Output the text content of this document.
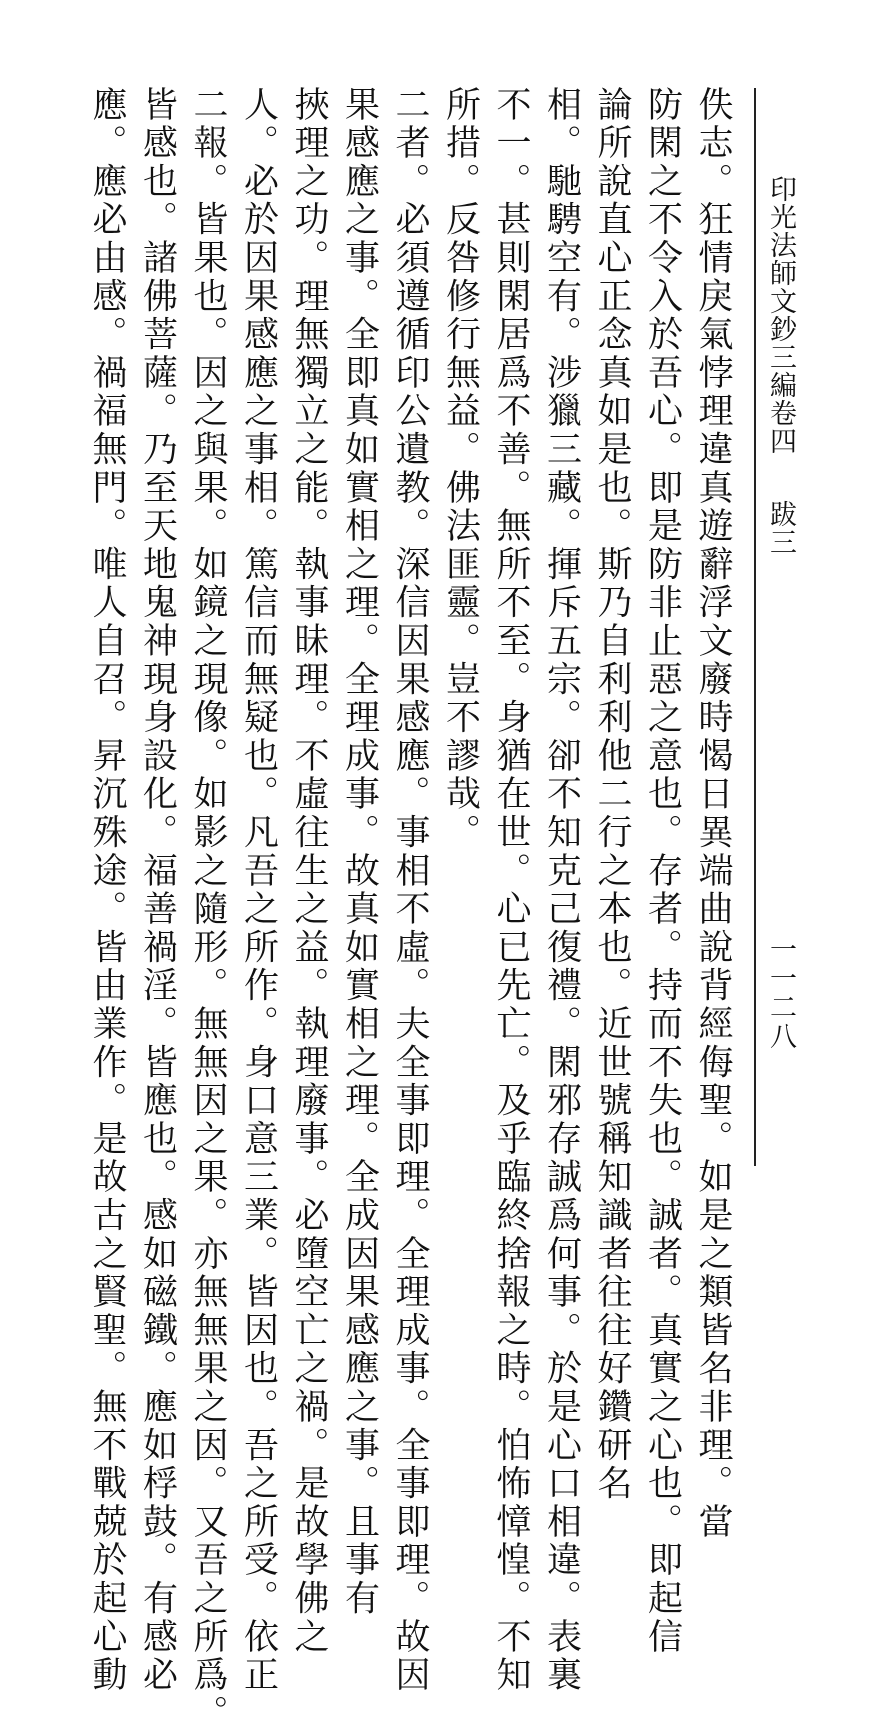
印光法師文鈔三編卷四
跋三
一一二八
佚志。狂情戾氣悖理違真遊辭浮文廢時愒日異端曲說背經侮聖。如是之類皆名非理。當
防閑之不令入於吾心。即是防非止惡之意也。存者。持而不失也。誠者。真實之心也。即起信
論所說直心正念真如是也。斯乃自利利他二行之本也。近世號稱知識者往往好鑽研名
相。馳騁空有。涉獵三藏。揮斥五宗。卻不知克己復禮。閑邪存誠爲何事。於是心口相違。表裏
不一。甚則閑居爲不善。無所不至。身猶在世。心已先亡。及乎臨終捨報之時。怕怖慞惶。不知
所措。反咎修行無益。佛法匪靈。豈不謬哉。
二者。必須遵循印公遺教。深信因果感應。事相不虛。夫全事即理。全理成事。全事即理。故因
果感應之事。全即真如實相之理。全理成事。故真如實相之理。全成因果感應之事。且事有
挾理之功。理無獨立之能。執事昧理。不虛往生之益。執理廢事。必墮空亡之禍。是故學佛之
人。必於因果感應之事相。篤信而無疑也。凡吾之所作。身口意三業。皆因也。吾之所受。依正
二報。皆果也。因之與果。如鏡之現像。如影之隨形。無無因之果。亦無無果之因。又吾之所爲。
皆感也。諸佛菩薩。乃至天地鬼神現身設化。福善禍淫。皆應也。感如磁鐵。應如桴鼓。有感必
應。應必由感。禍福無門。唯人自召。昇沉殊途。皆由業作。是故古之賢聖。無不戰兢於起心動
